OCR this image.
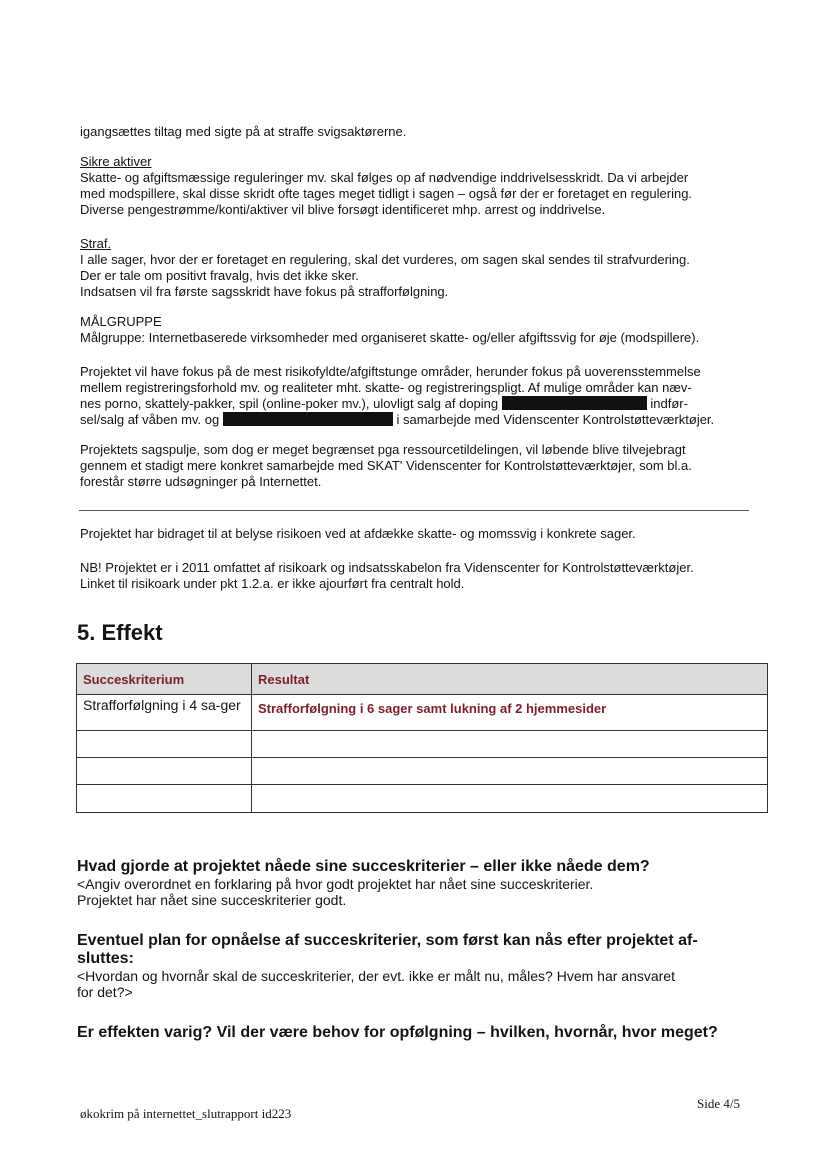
igangsættes tiltag med sigte på at straffe svigsaktørerne.
Sikre aktiver
Skatte- og afgiftsmæssige reguleringer mv. skal følges op af nødvendige inddrivelsesskridt. Da vi arbejder
med modspillere, skal disse skridt ofte tages meget tidligt i sagen – også før der er foretaget en regulering.
Diverse pengestrømme/konti/aktiver vil blive forsøgt identificeret mhp. arrest og inddrivelse.
Straf.
I alle sager, hvor der er foretaget en regulering, skal det vurderes, om sagen skal sendes til strafvurdering.
Der er tale om positivt fravalg, hvis det ikke sker.
Indsatsen vil fra første sagsskridt have fokus på strafforfølgning.
MÅLGRUPPE
Målgruppe: Internetbaserede virksomheder med organiseret skatte- og/eller afgiftssvig for øje (modspillere).
Projektet vil have fokus på de mest risikofyldte/afgiftstunge områder, herunder fokus på uoverensstemmelse
mellem registreringsforhold mv. og realiteter mht. skatte- og registreringspligt. Af mulige områder kan næv-
nes porno, skattely-pakker, spil (online-poker mv.), ulovligt salg af doping	indfør-
sel/salg af våben mv. og	i samarbejde med Videnscenter Kontrolstøtteværktøjer.
Projektets sagspulje, som dog er meget begrænset pga ressourcetildelingen, vil løbende blive tilvejebragt
gennem et stadigt mere konkret samarbejde med SKAT' Videnscenter for Kontrolstøtteværktøjer, som bl.a.
forestår større udsøgninger på Internettet.
Projektet har bidraget til at belyse risikoen ved at afdække skatte- og momssvig i konkrete sager.
NB! Projektet er i 2011 omfattet af risikoark og indsatsskabelon fra Videnscenter for Kontrolstøtteværktøjer.
Linket til risikoark under pkt 1.2.a. er ikke ajourført fra centralt hold.
5. Effekt
Succeskriterium	Resultat
Strafforfølgning i 4 sa-ger	Strafforfølgning i 6 sager samt lukning af 2 hjemmesider

Hvad gjorde at projektet nåede sine succeskriterier – eller ikke nåede dem?
<Angiv overordnet en forklaring på hvor godt projektet har nået sine succeskriterier.
Projektet har nået sine succeskriterier godt.
Eventuel plan for opnåelse af succeskriterier, som først kan nås efter projektet af-
sluttes:
<Hvordan og hvornår skal de succeskriterier, der evt. ikke er målt nu, måles? Hvem har ansvaret
for det?>
Er effekten varig? Vil der være behov for opfølgning – hvilken, hvornår, hvor meget?
økokrim på internettet_slutrapport id223
Side 4/5
